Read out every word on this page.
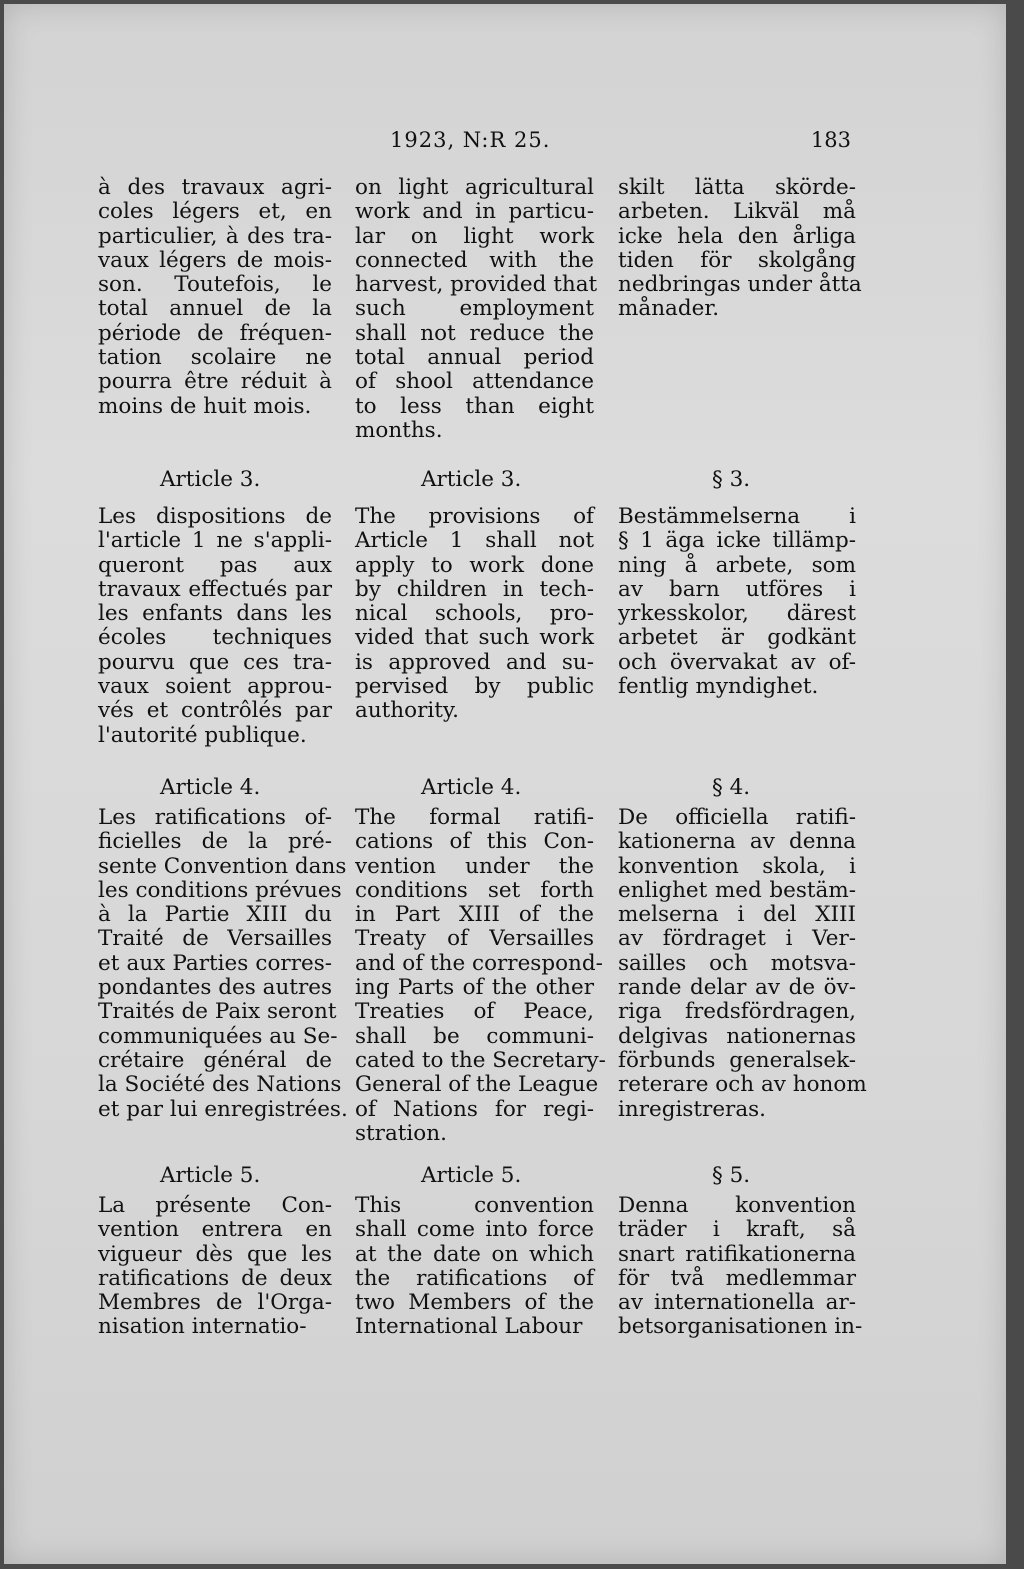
1923, N:R 25.	183
à des travaux agri-
coles légers et, en
particulier, à des tra-
vaux légers de mois-
son. Toutefois, le
total annuel de la
période de fréquen-
tation scolaire ne
pourra être réduit à
moins de huit mois.
Article 3.
Les dispositions de
l'article 1 ne s'appli-
queront pas aux
travaux effectués par
les enfants dans les
écoles techniques
pourvu que ces tra-
vaux soient approu-
vés et contrôlés par
l'autorité publique.
Article 4.
Les ratifications of-
ficielles de la pré-
sente Convention dans
les conditions prévues
à la Partie XIII du
Traité de Versailles
et aux Parties corres-
pondantes des autres
Traités de Paix seront
communiquées au Se-
crétaire général de
la Société des Nations
et par lui enregistrées.
Article 5.
La présente Con-
vention entrera en
vigueur dès que les
ratifications de deux
Membres de l'Orga-
nisation internatio-
on light agricultural
work and in particu-
lar on light work
connected with the
harvest, provided that
such employment
shall not reduce the
total annual period
of shool attendance
to less than eight
months.
Article 3.
The provisions of
Article 1 shall not
apply to work done
by children in tech-
nical schools, pro-
vided that such work
is approved and su-
pervised by public
authority.
Article 4.
The formal ratifi-
cations of this Con-
vention under the
conditions set forth
in Part XIII of the
Treaty of Versailles
and of the correspond-
ing Parts of the other
Treaties of Peace,
shall be communi-
cated to the Secretary-
General of the League
of Nations for regi-
stration.
Article 5.
This convention
shall come into force
at the date on which
the ratifications of
two Members of the
International Labour
skilt lätta skörde-
arbeten. Likväl må
icke hela den årliga
tiden för skolgång
nedbringas under åtta
månader.
§ 3.
Bestämmelserna i
§ 1 äga icke tillämp-
ning å arbete, som
av barn utföres i
yrkesskolor, därest
arbetet är godkänt
och övervakat av of-
fentlig myndighet.
§ 4.
De officiella ratifi-
kationerna av denna
konvention skola, i
enlighet med bestäm-
melserna i del XIII
av fördraget i Ver-
sailles och motsva-
rande delar av de öv-
riga fredsfördragen,
delgivas nationernas
förbunds generalsek-
reterare och av honom
inregistreras.
§ 5.
Denna konvention
träder i kraft, så
snart ratifikationerna
för två medlemmar
av internationella ar-
betsorganisationen in-
